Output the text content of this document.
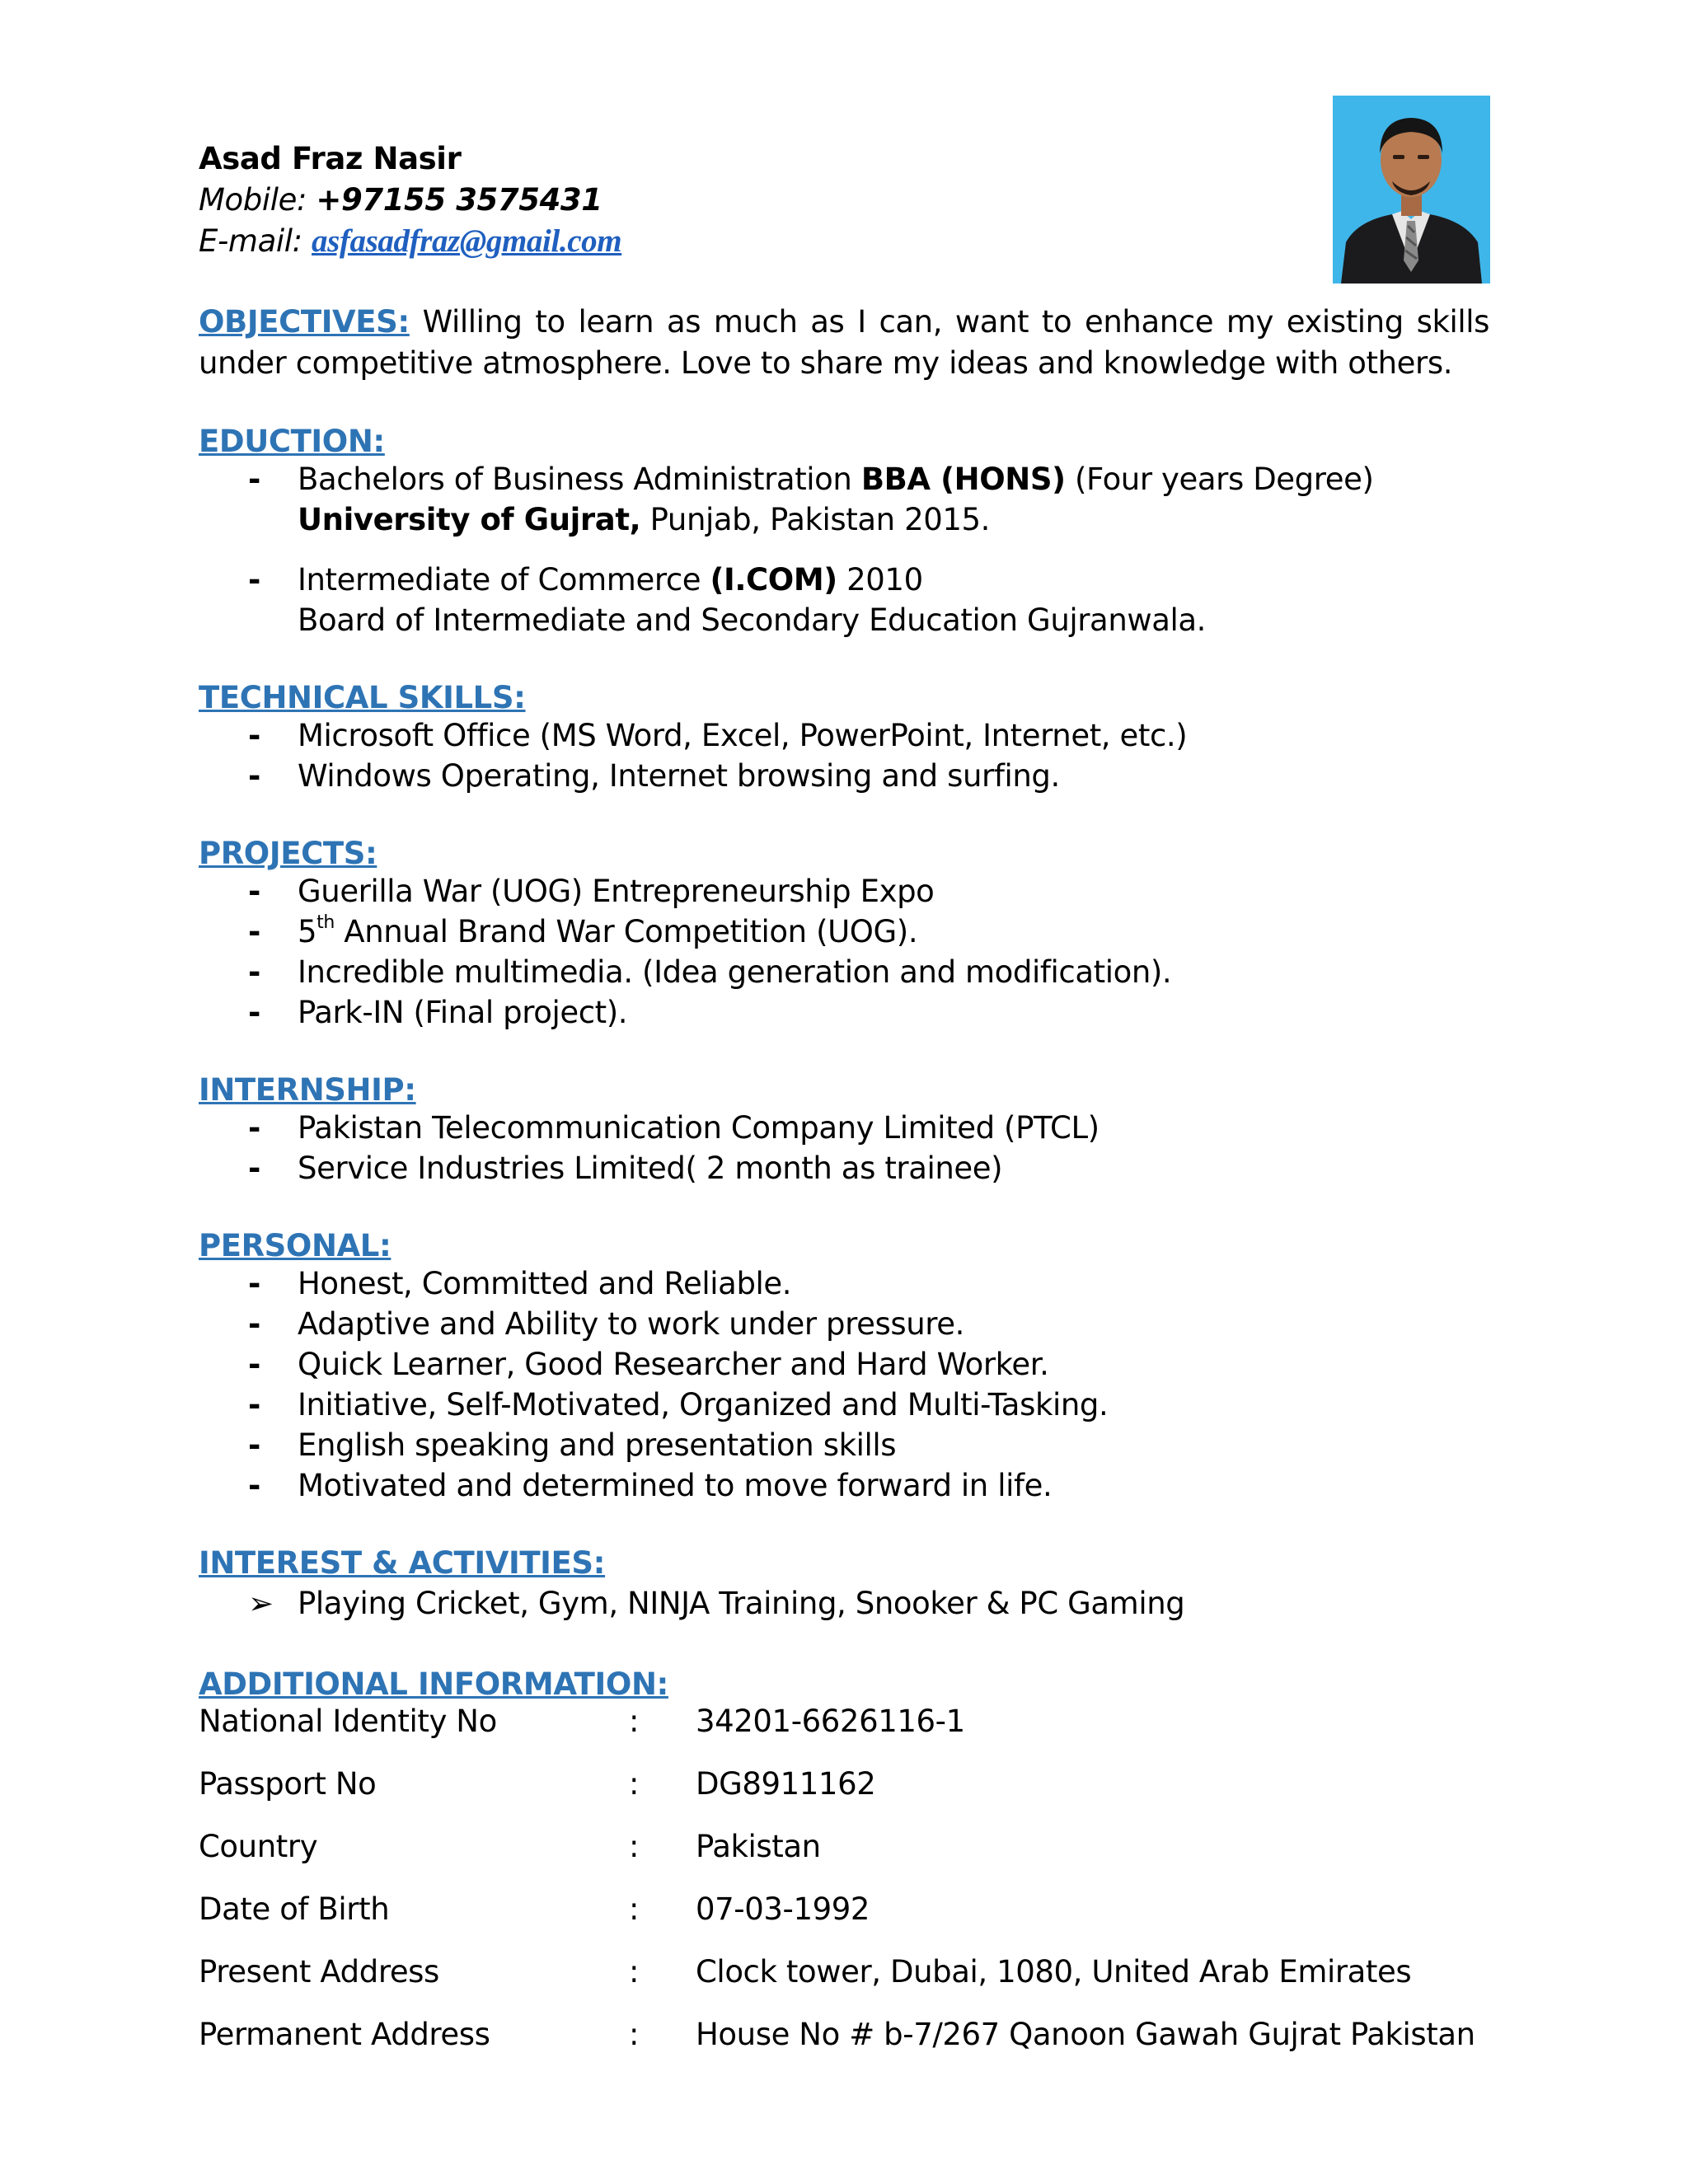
Asad Fraz Nasir
Mobile: +97155 3575431
E-mail: asfasadfraz@gmail.com
OBJECTIVES: Willing to learn as much as I can, want to enhance my existing skills under competitive atmosphere. Love to share my ideas and knowledge with others.
EDUCTION:
- Bachelors of Business Administration BBA (HONS) (Four years Degree)
University of Gujrat, Punjab, Pakistan 2015.
- Intermediate of Commerce (I.COM) 2010
Board of Intermediate and Secondary Education Gujranwala.
TECHNICAL SKILLS:
- Microsoft Office (MS Word, Excel, PowerPoint, Internet, etc.)
- Windows Operating, Internet browsing and surfing.
PROJECTS:
- Guerilla War (UOG) Entrepreneurship Expo
- 5th Annual Brand War Competition (UOG).
- Incredible multimedia. (Idea generation and modification).
- Park-IN (Final project).
INTERNSHIP:
- Pakistan Telecommunication Company Limited (PTCL)
- Service Industries Limited( 2 month as trainee)
PERSONAL:
- Honest, Committed and Reliable.
- Adaptive and Ability to work under pressure.
- Quick Learner, Good Researcher and Hard Worker.
- Initiative, Self-Motivated, Organized and Multi-Tasking.
- English speaking and presentation skills
- Motivated and determined to move forward in life.
INTEREST & ACTIVITIES:
➢ Playing Cricket, Gym, NINJA Training, Snooker & PC Gaming
ADDITIONAL INFORMATION:
National Identity No	:	34201-6626116-1
Passport No	:	DG8911162
Country	:	Pakistan
Date of Birth	:	07-03-1992
Present Address	:	Clock tower, Dubai, 1080, United Arab Emirates
Permanent Address	:	House No # b-7/267 Qanoon Gawah Gujrat Pakistan
